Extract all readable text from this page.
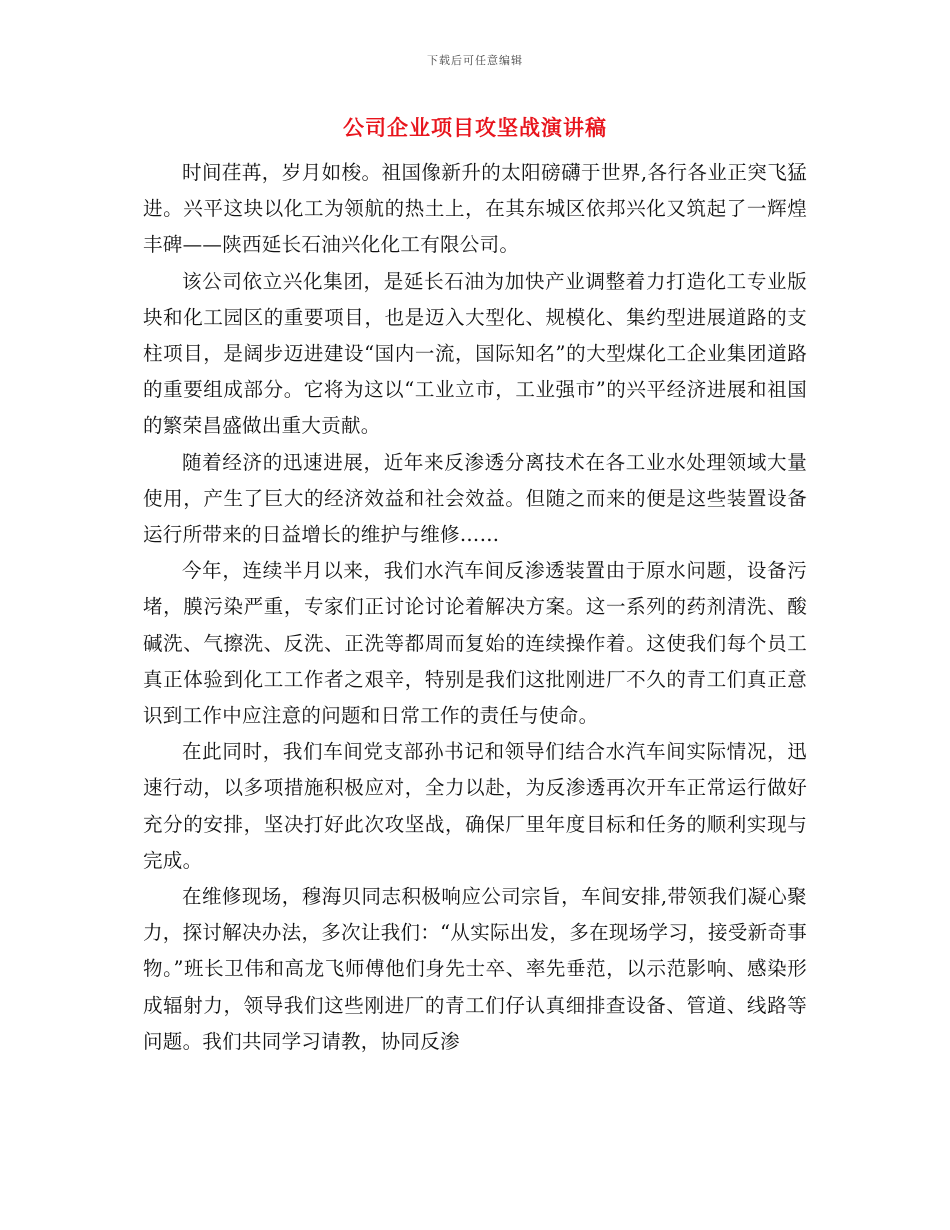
下载后可任意编辑
公司企业项目攻坚战演讲稿

时间荏苒，岁月如梭。祖国像新升的太阳磅礴于世界,各行各业正突飞猛进。兴平这块以化工为领航的热土上，在其东城区依邦兴化又筑起了一辉煌丰碑——陕西延长石油兴化化工有限公司。

该公司依立兴化集团，是延长石油为加快产业调整着力打造化工专业版块和化工园区的重要项目，也是迈入大型化、规模化、集约型进展道路的支柱项目，是阔步迈进建设“国内一流，国际知名”的大型煤化工企业集团道路的重要组成部分。它将为这以“工业立市，工业强市”的兴平经济进展和祖国的繁荣昌盛做出重大贡献。

随着经济的迅速进展，近年来反渗透分离技术在各工业水处理领域大量使用，产生了巨大的经济效益和社会效益。但随之而来的便是这些装置设备运行所带来的日益增长的维护与维修……

今年，连续半月以来，我们水汽车间反渗透装置由于原水问题，设备污堵，膜污染严重，专家们正讨论讨论着解决方案。这一系列的药剂清洗、酸碱洗、气擦洗、反洗、正洗等都周而复始的连续操作着。这使我们每个员工真正体验到化工工作者之艰辛，特别是我们这批刚进厂不久的青工们真正意识到工作中应注意的问题和日常工作的责任与使命。

在此同时，我们车间党支部孙书记和领导们结合水汽车间实际情况，迅速行动，以多项措施积极应对，全力以赴，为反渗透再次开车正常运行做好充分的安排，坚决打好此次攻坚战，确保厂里年度目标和任务的顺利实现与完成。

在维修现场，穆海贝同志积极响应公司宗旨，车间安排,带领我们凝心聚力，探讨解决办法，多次让我们：“从实际出发，多在现场学习，接受新奇事物。”班长卫伟和高龙飞师傅他们身先士卒、率先垂范，以示范影响、感染形成辐射力，领导我们这些刚进厂的青工们仔认真细排查设备、管道、线路等问题。我们共同学习请教，协同反渗
